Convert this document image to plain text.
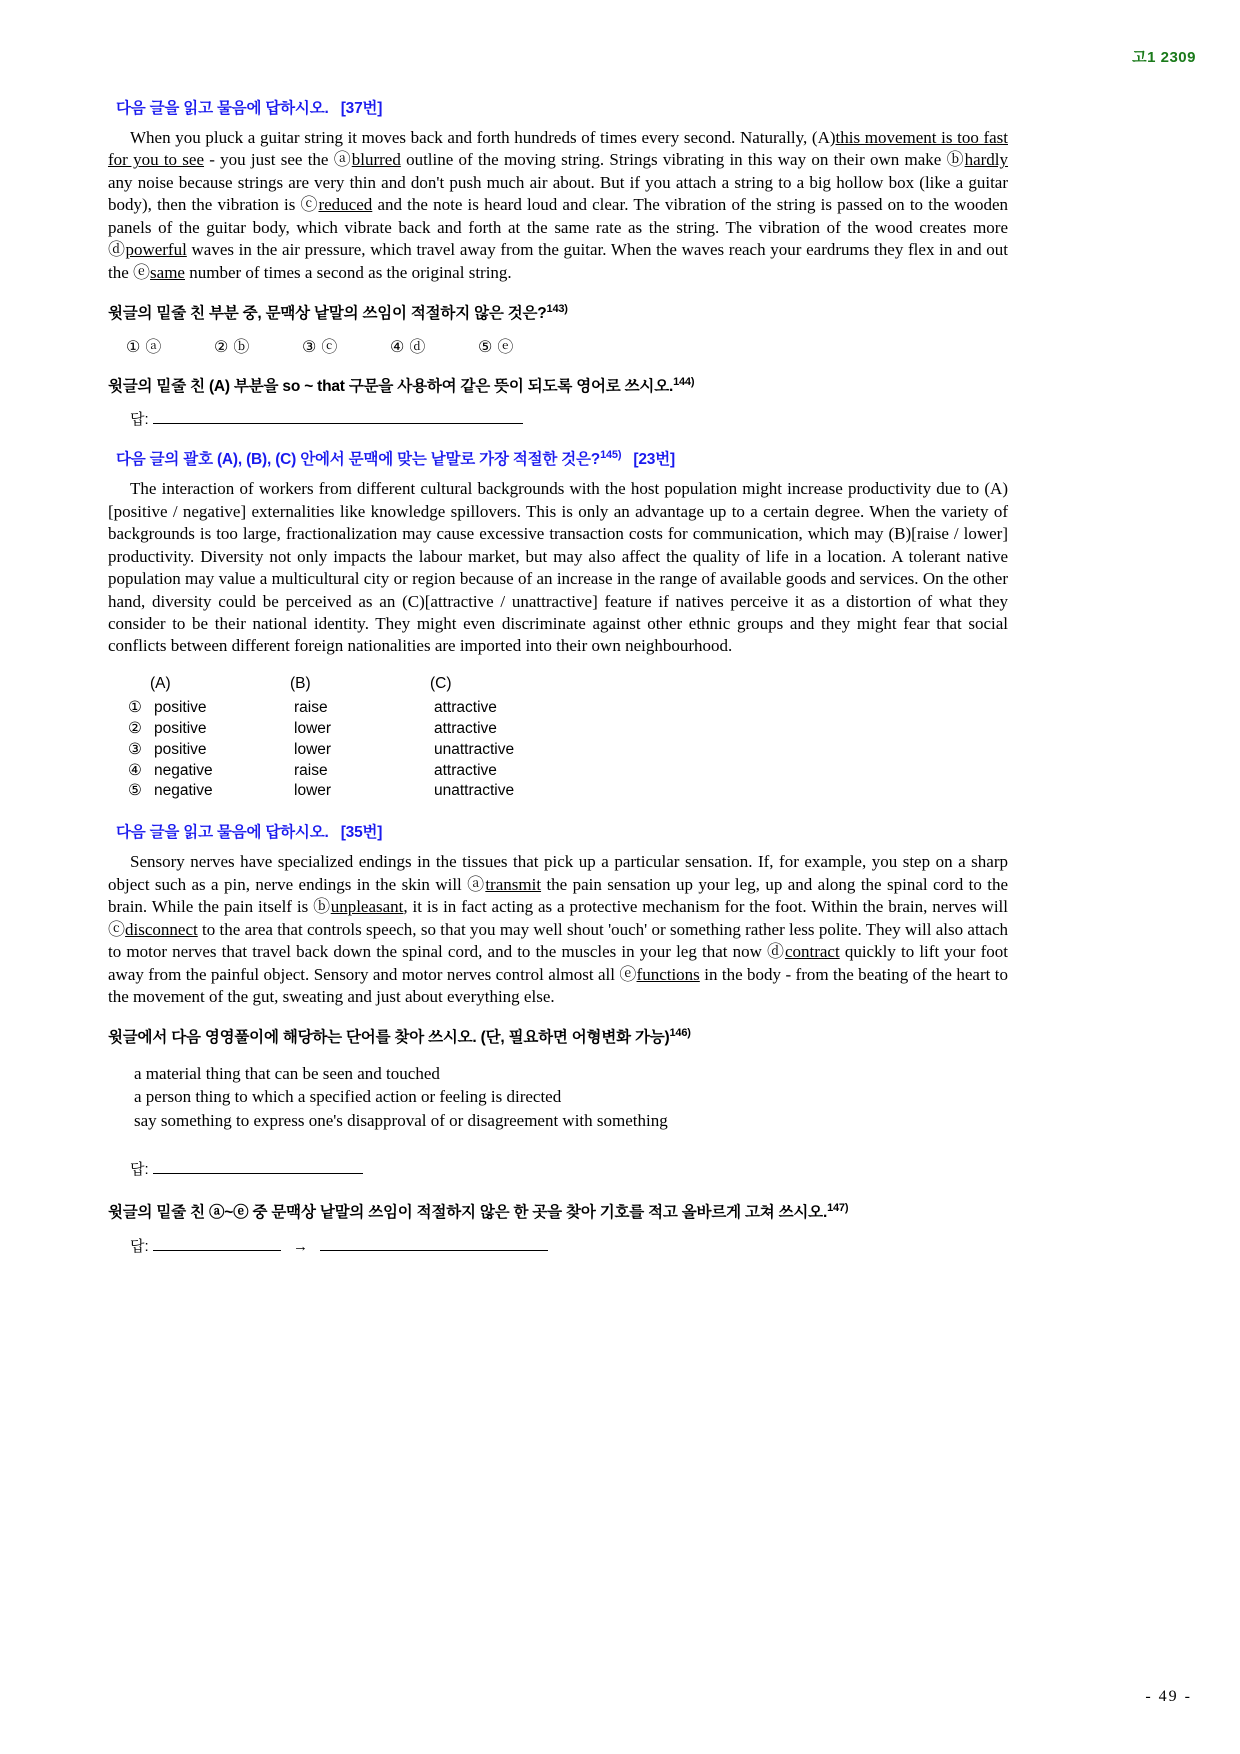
고1 2309
다음 글을 읽고 물음에 답하시오. [37번]

When you pluck a guitar string it moves back and forth hundreds of times every second. Naturally, (A)this movement is too fast for you to see - you just see the ⓐblurred outline of the moving string. Strings vibrating in this way on their own make ⓑhardly any noise because strings are very thin and don't push much air about. But if you attach a string to a big hollow box (like a guitar body), then the vibration is ⓒreduced and the note is heard loud and clear. The vibration of the string is passed on to the wooden panels of the guitar body, which vibrate back and forth at the same rate as the string. The vibration of the wood creates more ⓓpowerful waves in the air pressure, which travel away from the guitar. When the waves reach your eardrums they flex in and out the ⓔsame number of times a second as the original string.

윗글의 밑줄 친 부분 중, 문맥상 낱말의 쓰임이 적절하지 않은 것은?$^{143)}$
① ⓐ	② ⓑ	③ ⓒ	④ ⓓ	⑤ ⓔ
윗글의 밑줄 친 (A) 부분을 so ~ that 구문을 사용하여 같은 뜻이 되도록 영어로 쓰시오.$^{144)}$
답:
다음 글의 괄호 (A), (B), (C) 안에서 문맥에 맞는 낱말로 가장 적절한 것은?$^{145)}$ [23번]

The interaction of workers from different cultural backgrounds with the host population might increase productivity due to (A)[positive / negative] externalities like knowledge spillovers. This is only an advantage up to a certain degree. When the variety of backgrounds is too large, fractionalization may cause excessive transaction costs for communication, which may (B)[raise / lower] productivity. Diversity not only impacts the labour market, but may also affect the quality of life in a location. A tolerant native population may value a multicultural city or region because of an increase in the range of available goods and services. On the other hand, diversity could be perceived as an (C)[attractive / unattractive] feature if natives perceive it as a distortion of what they consider to be their national identity. They might even discriminate against other ethnic groups and they might fear that social conflicts between different foreign nationalities are imported into their own neighbourhood.

(A)	(B)	(C)
① positive	raise	attractive
② positive	lower	attractive
③ positive	lower	unattractive
④ negative	raise	attractive
⑤ negative	lower	unattractive
다음 글을 읽고 물음에 답하시오. [35번]

Sensory nerves have specialized endings in the tissues that pick up a particular sensation. If, for example, you step on a sharp object such as a pin, nerve endings in the skin will ⓐtransmit the pain sensation up your leg, up and along the spinal cord to the brain. While the pain itself is ⓑunpleasant, it is in fact acting as a protective mechanism for the foot. Within the brain, nerves will ⓒdisconnect to the area that controls speech, so that you may well shout 'ouch' or something rather less polite. They will also attach to motor nerves that travel back down the spinal cord, and to the muscles in your leg that now ⓓcontract quickly to lift your foot away from the painful object. Sensory and motor nerves control almost all ⓔfunctions in the body - from the beating of the heart to the movement of the gut, sweating and just about everything else.

윗글에서 다음 영영풀이에 해당하는 단어를 찾아 쓰시오. (단, 필요하면 어형변화 가능)$^{146)}$
a material thing that can be seen and touched
a person thing to which a specified action or feeling is directed
say something to express one's disapproval of or disagreement with something
답:
윗글의 밑줄 친 ⓐ~ⓔ 중 문맥상 낱말의 쓰임이 적절하지 않은 한 곳을 찾아 기호를 적고 올바르게 고쳐 쓰시오.$^{147)}$
답:	→
- 49 -
